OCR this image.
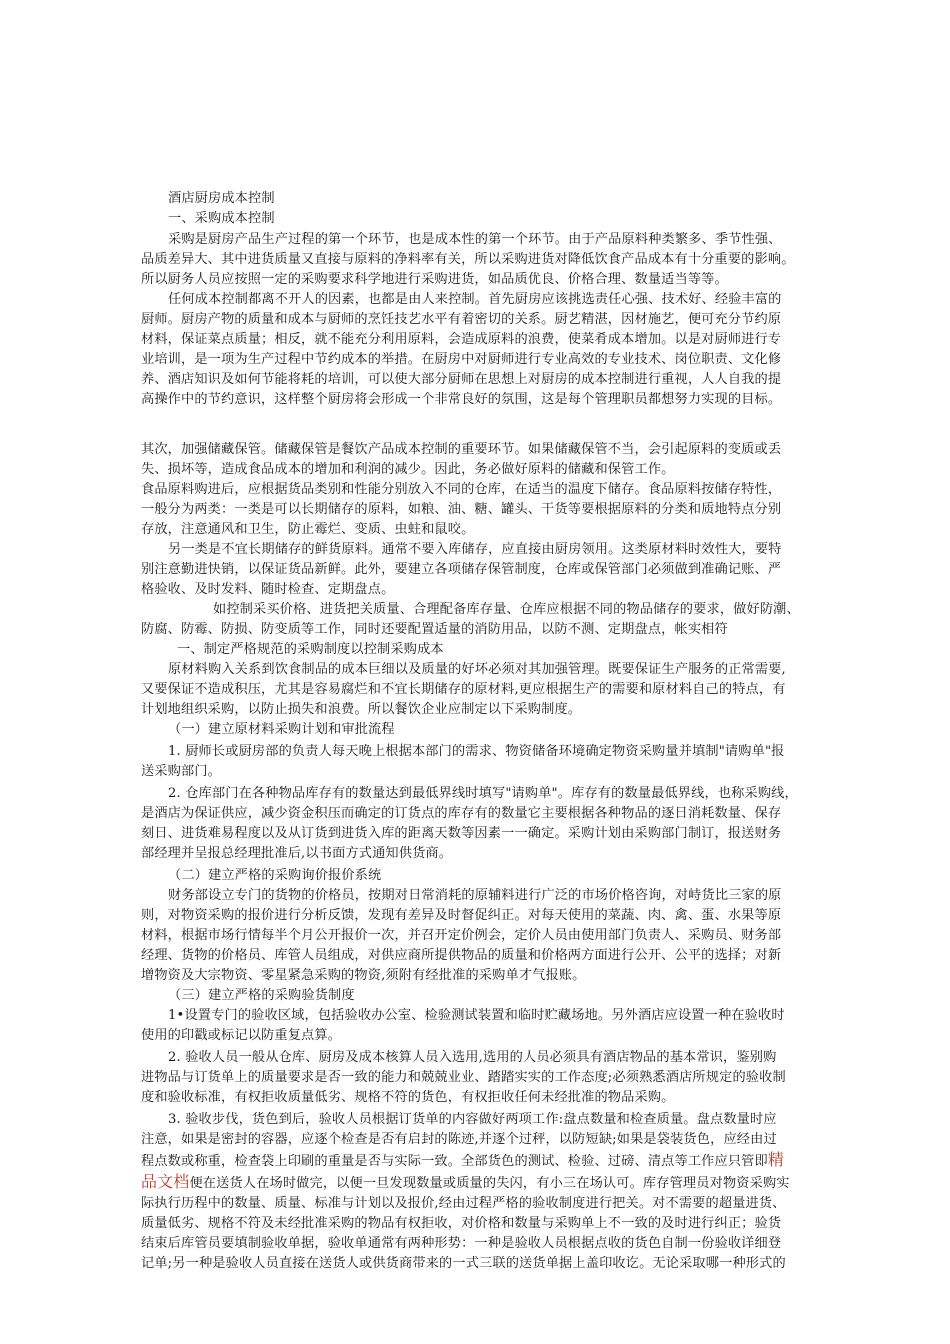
酒店厨房成本控制
一、采购成本控制
采购是厨房产品生产过程的第一个环节，也是成本性的第一个环节。由于产品原料种类繁多、季节性强、
品质差异大、其中进货质量又直接与原料的净料率有关，所以采购进货对降低饮食产品成本有十分重要的影响。
所以厨务人员应按照一定的采购要求科学地进行采购进货，如品质优良、价格合理、数量适当等等。
任何成本控制都离不开人的因素，也都是由人来控制。首先厨房应该挑选责任心强、技术好、经验丰富的
厨师。厨房产物的质量和成本与厨师的烹饪技艺水平有着密切的关系。厨艺精湛，因材施艺，便可充分节约原
材料，保证菜点质量；相反，就不能充分利用原料，会造成原料的浪费，使菜肴成本增加。以是对厨师进行专
业培训，是一项为生产过程中节约成本的举措。在厨房中对厨师进行专业高效的专业技术、岗位职责、文化修
养、酒店知识及如何节能将耗的培训，可以使大部分厨师在思想上对厨房的成本控制进行重视，人人自我的提
高操作中的节约意识，这样整个厨房将会形成一个非常良好的氛围，这是每个管理职员都想努力实现的目标。
其次，加强储藏保管。储藏保管是餐饮产品成本控制的重要环节。如果储藏保管不当，会引起原料的变质或丢
失、损坏等，造成食品成本的增加和利润的减少。因此，务必做好原料的储藏和保管工作。
食品原料购进后，应根据货品类别和性能分别放入不同的仓库，在适当的温度下储存。食品原料按储存特性，
一般分为两类：一类是可以长期储存的原料，如粮、油、糖、罐头、干货等要根据原料的分类和质地特点分别
存放，注意通风和卫生，防止霉烂、变质、虫蛀和鼠咬。
另一类是不宜长期储存的鲜货原料。通常不要入库储存，应直接由厨房领用。这类原材料时效性大，要特
别注意勤进快销，以保证货品新鲜。此外，要建立各项储存保管制度，仓库或保管部门必须做到准确记账、严
格验收、及时发料、随时检查、定期盘点。
如控制采买价格、进货把关质量、合理配备库存量、仓库应根据不同的物品储存的要求，做好防潮、
防腐、防霉、防损、防变质等工作，同时还要配置适量的消防用品，以防不测、定期盘点，帐实相符
一、制定严格规范的采购制度以控制采购成本
原材料购入关系到饮食制品的成本巨细以及质量的好坏必须对其加强管理。既要保证生产服务的正常需要,
又要保证不造成积压，尤其是容易腐烂和不宜长期储存的原材料,更应根据生产的需要和原材料自己的特点，有
计划地组织采购，以防止损失和浪费。所以餐饮企业应制定以下采购制度。
（一）建立原材料采购计划和审批流程
1. 厨师长或厨房部的负责人每天晚上根据本部门的需求、物资储备环境确定物资采购量并填制"请购单"报
送采购部门。
2. 仓库部门在各种物品库存有的数量达到最低界线时填写"请购单"。库存有的数量最低界线，也称采购线，
是酒店为保证供应，减少资金积压而确定的订货点的库存有的数量它主要根据各种物品的逐日消耗数量、保存
刻日、进货难易程度以及从订货到进货入库的距离天数等因素一一确定。采购计划由采购部门制订，报送财务
部经理并呈报总经理批准后,以书面方式通知供货商。
（二）建立严格的采购询价报价系统
财务部设立专门的货物的价格员，按期对日常消耗的原辅料进行广泛的市场价格咨询，对峙货比三家的原
则，对物资采购的报价进行分析反馈，发现有差异及时督促纠正。对每天使用的菜蔬、肉、禽、蛋、水果等原
材料，根据市场行情每半个月公开报价一次，并召开定价例会，定价人员由使用部门负责人、采购员、财务部
经理、货物的价格员、库管人员组成，对供应商所提供物品的质量和价格两方面进行公开、公平的选择；对新
增物资及大宗物资、零星紧急采购的物资,须附有经批准的采购单才气报账。
（三）建立严格的采购验货制度
1•设置专门的验收区域，包括验收办公室、检验测试装置和临时贮藏场地。另外酒店应设置一种在验收时
使用的印戳或标记以防重复点算。
2. 验收人员一般从仓库、厨房及成本核算人员入选用,选用的人员必须具有酒店物品的基本常识，鉴别购
进物品与订货单上的质量要求是否一致的能力和兢兢业业、踏踏实实的工作态度;必须熟悉酒店所规定的验收制
度和验收标准，有权拒收质量低劣、规格不符的货色，有权拒收任何未经批准的物品采购。
3. 验收步伐，货色到后，验收人员根据订货单的内容做好两项工作:盘点数量和检查质量。盘点数量时应
注意，如果是密封的容器，应逐个检查是否有启封的陈迹,并逐个过秤，以防短缺;如果是袋装货色，应经由过
程点数或称重，检查袋上印刷的重量是否与实际一致。全部货色的测试、检验、过磅、清点等工作应只管即精
品文档便在送货人在场时做完，以便一旦发现数量或质量的失闪，有小三在场认可。库存管理员对物资采购实
际执行历程中的数量、质量、标准与计划以及报价,经由过程严格的验收制度进行把关。对不需要的超量进货、
质量低劣、规格不符及未经批准采购的物品有权拒收，对价格和数量与采购单上不一致的及时进行纠正；验货
结束后库管员要填制验收单据，验收单通常有两种形势：一种是验收人员根据点收的货色自制一份验收详细登
记单;另一种是验收人员直接在送货人或供货商带来的一式三联的送货单据上盖印收讫。无论采取哪一种形式的
